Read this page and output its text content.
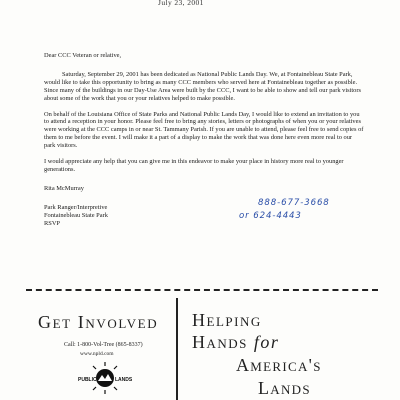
July 23, 2001

Dear CCC Veteran or relative,

Saturday, September 29, 2001 has been dedicated as National Public Lands Day. We, at Fontainebleau State Park, would like to take this opportunity to bring as many CCC members who served here at Fontainebleau together as possible. Since many of the buildings in our Day-Use Area were built by the CCC, I want to be able to show and tell our park visitors about some of the work that you or your relatives helped to make possible.

On behalf of the Louisiana Office of State Parks and National Public Lands Day, I would like to extend an invitation to you to attend a reception in your honor. Please feel free to bring any stories, letters or photographs of when you or your relatives were working at the CCC camps in or near St. Tammany Parish. If you are unable to attend, please feel free to send copies of them to me before the event. I will make it a part of a display to make the work that was done here even more real to our park visitors.

I would appreciate any help that you can give me in this endeavor to make your place in history more real to younger generations.

Rita McMurray

Park Ranger/Interpretive

Fontainebleau State Park

RSVP

888-677-3668
or 624-4443
Get Involved
Call: 1-800-Vol-Tree (865-8337)
www.npld.com
PUBLIC	LANDS
Helping
Hands for
America's
Lands
